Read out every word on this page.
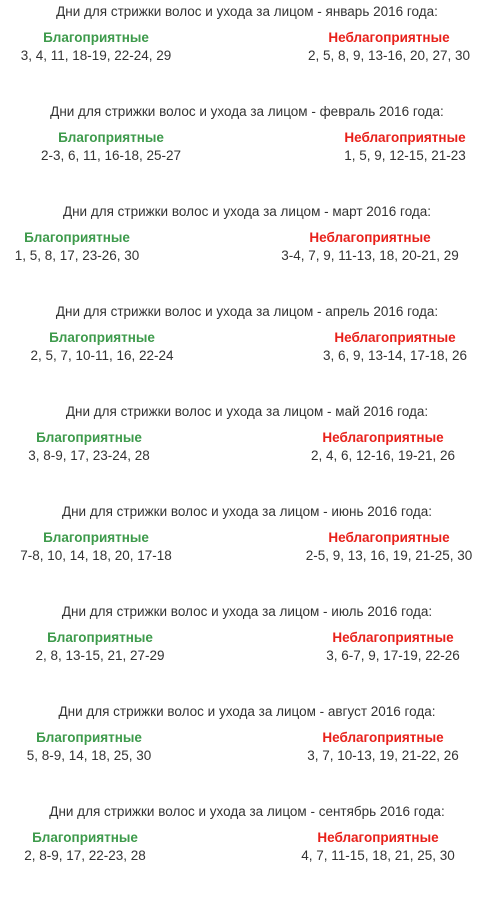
Дни для стрижки волос и ухода за лицом - январь 2016 года:
Благоприятные
3, 4, 11, 18-19, 22-24, 29
Неблагоприятные
2, 5, 8, 9, 13-16, 20, 27, 30
Дни для стрижки волос и ухода за лицом - февраль 2016 года:
Благоприятные
2-3, 6, 11, 16-18, 25-27
Неблагоприятные
1, 5, 9, 12-15, 21-23
Дни для стрижки волос и ухода за лицом - март 2016 года:
Благоприятные
1, 5, 8, 17, 23-26, 30
Неблагоприятные
3-4, 7, 9, 11-13, 18, 20-21, 29
Дни для стрижки волос и ухода за лицом - апрель 2016 года:
Благоприятные
2, 5, 7, 10-11, 16, 22-24
Неблагоприятные
3, 6, 9, 13-14, 17-18, 26
Дни для стрижки волос и ухода за лицом - май 2016 года:
Благоприятные
3, 8-9, 17, 23-24, 28
Неблагоприятные
2, 4, 6, 12-16, 19-21, 26
Дни для стрижки волос и ухода за лицом - июнь 2016 года:
Благоприятные
7-8, 10, 14, 18, 20, 17-18
Неблагоприятные
2-5, 9, 13, 16, 19, 21-25, 30
Дни для стрижки волос и ухода за лицом - июль 2016 года:
Благоприятные
2, 8, 13-15, 21, 27-29
Неблагоприятные
3, 6-7, 9, 17-19, 22-26
Дни для стрижки волос и ухода за лицом - август 2016 года:
Благоприятные
5, 8-9, 14, 18, 25, 30
Неблагоприятные
3, 7, 10-13, 19, 21-22, 26
Дни для стрижки волос и ухода за лицом - сентябрь 2016 года:
Благоприятные
2, 8-9, 17, 22-23, 28
Неблагоприятные
4, 7, 11-15, 18, 21, 25, 30
